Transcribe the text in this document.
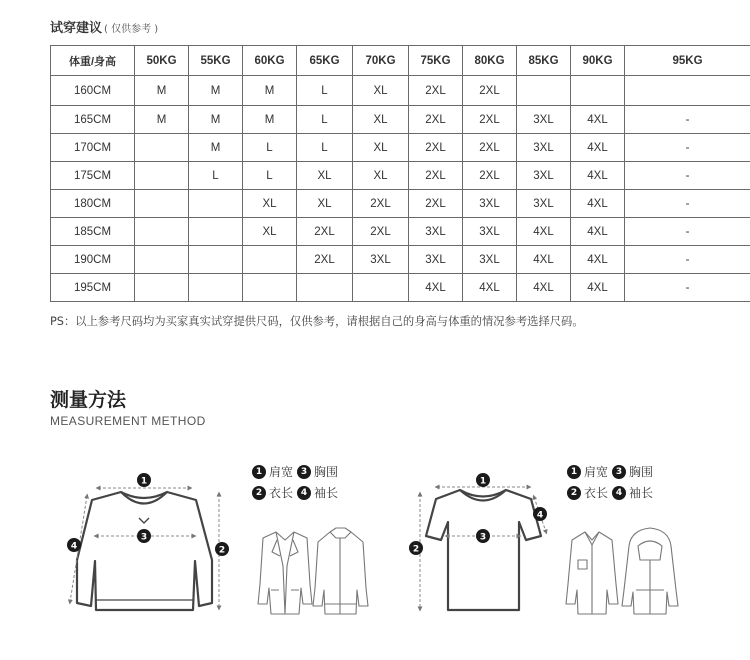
试穿建议 ( 仅供参考 )
体重/身高	50KG	55KG	60KG	65KG	70KG	75KG	80KG	85KG	90KG	95KG
160CM	M	M	M	L	XL	2XL	2XL			
165CM	M	M	M	L	XL	2XL	2XL	3XL	4XL	-
170CM		M	L	L	XL	2XL	2XL	3XL	4XL	-
175CM		L	L	XL	XL	2XL	2XL	3XL	4XL	-
180CM			XL	XL	2XL	2XL	3XL	3XL	4XL	-
185CM			XL	2XL	2XL	3XL	3XL	4XL	4XL	-
190CM				2XL	3XL	3XL	3XL	4XL	4XL	-
195CM						4XL	4XL	4XL	4XL	-
PS：以上参考尺码均为买家真实试穿提供尺码，仅供参考，请根据自己的身高与体重的情况参考选择尺码。
测量方法
MEASUREMENT METHOD
1 肩宽 3 胸围
2 衣长 4 袖长
1 肩宽 3 胸围
2 衣长 4 袖长
1
3
2
4
1
3
2
4
